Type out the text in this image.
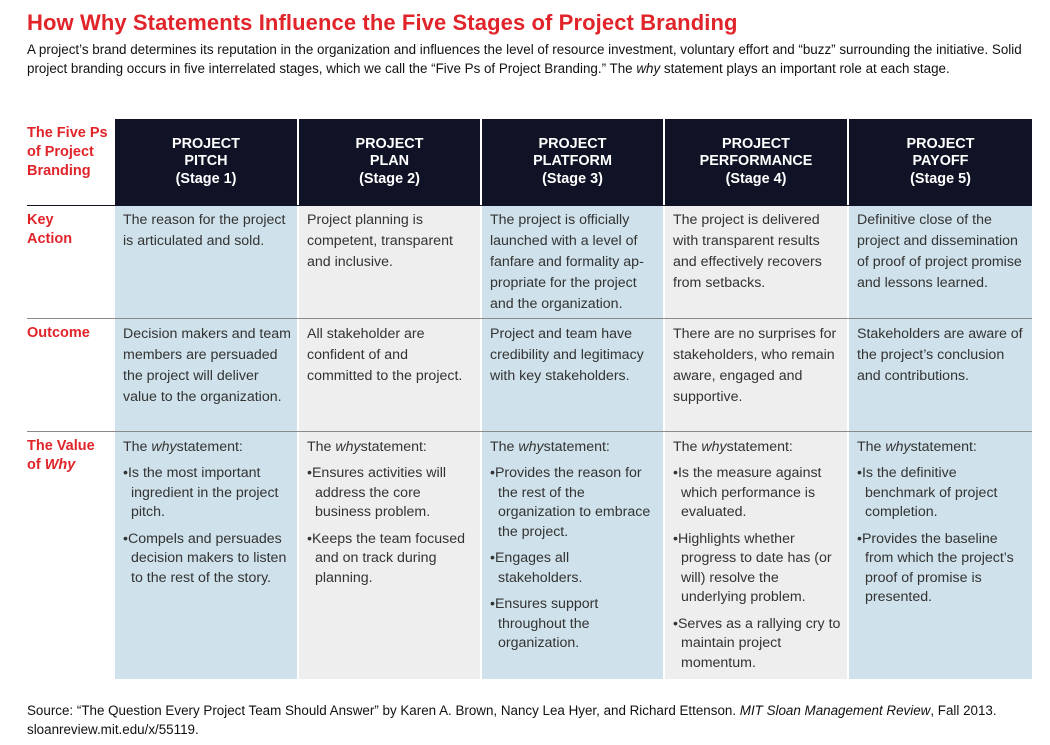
How Why Statements Influence the Five Stages of Project Branding
A project’s brand determines its reputation in the organization and influences the level of resource investment, voluntary effort and “buzz” surrounding the initiative. Solid project branding occurs in five interrelated stages, which we call the “Five Ps of Project Branding.” The why statement plays an important role at each stage.
The Five Ps of Project Branding
Key Action
Outcome
The Value of Why
PROJECT
PITCH
(Stage 1)
The reason for the project is articulated and sold.
Decision makers and team members are persuaded the project will deliver value to the organization.
The whystatement:
•Is the most important ingredient in the project pitch.
•Compels and persuades decision makers to listen to the rest of the story.
PROJECT
PLAN
(Stage 2)
Project planning is competent, transparent and inclusive.
All stakeholder are confident of and committed to the project.
The whystatement:
•Ensures activities will address the core business problem.
•Keeps the team focused and on track during planning.
PROJECT
PLATFORM
(Stage 3)
The project is officially launched with a level of fanfare and formality appropriate for the project and the organization.
Project and team have credibility and legitimacy with key stakeholders.
The whystatement:
•Provides the reason for the rest of the organization to embrace the project.
•Engages all stakeholders.
•Ensures support throughout the organization.
PROJECT
PERFORMANCE
(Stage 4)
The project is delivered with transparent results and effectively recovers from setbacks.
There are no surprises for stakeholders, who remain aware, engaged and supportive.
The whystatement:
•Is the measure against which performance is evaluated.
•Highlights whether progress to date has (or will) resolve the underlying problem.
•Serves as a rallying cry to maintain project momentum.
PROJECT
PAYOFF
(Stage 5)
Definitive close of the project and dissemination of proof of project promise and lessons learned.
Stakeholders are aware of the project’s conclusion and contributions.
The whystatement:
•Is the definitive benchmark of project completion.
•Provides the baseline from which the project’s proof of promise is presented.
Source: “The Question Every Project Team Should Answer” by Karen A. Brown, Nancy Lea Hyer, and Richard Ettenson. MIT Sloan Management Review, Fall 2013. sloanreview.mit.edu/x/55119.
